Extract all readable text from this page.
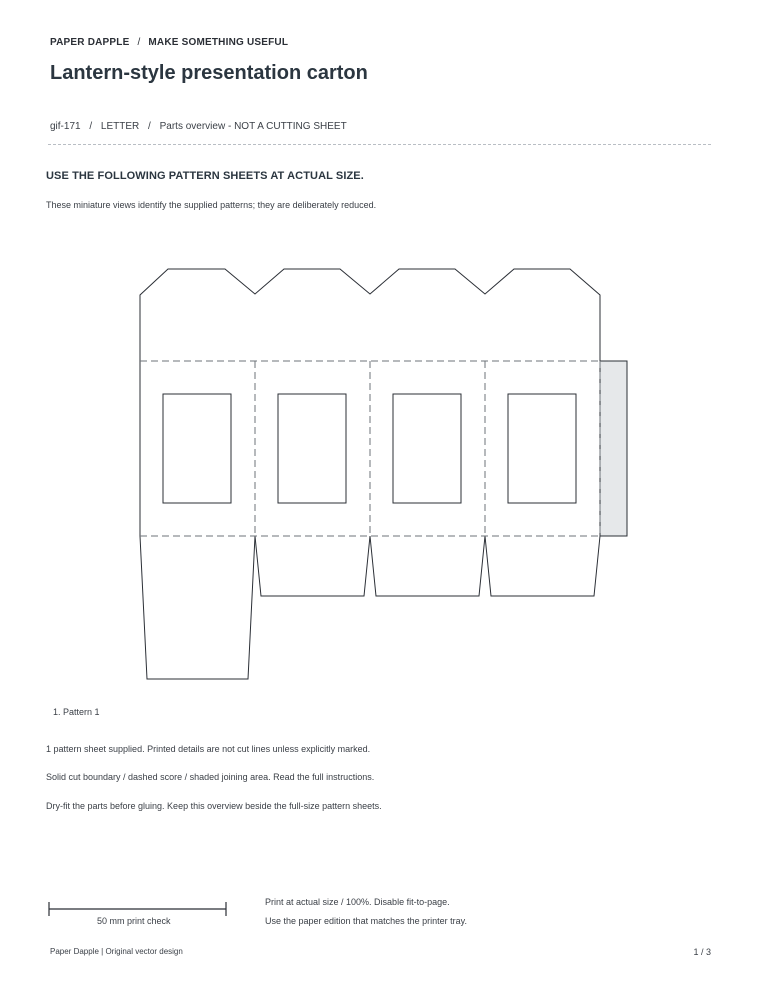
PAPER DAPPLE / MAKE SOMETHING USEFUL
Lantern-style presentation carton
gif-171 / LETTER / Parts overview - NOT A CUTTING SHEET
USE THE FOLLOWING PATTERN SHEETS AT ACTUAL SIZE.
These miniature views identify the supplied patterns; they are deliberately reduced.
1. Pattern 1
1 pattern sheet supplied. Printed details are not cut lines unless explicitly marked.
Solid cut boundary / dashed score / shaded joining area. Read the full instructions.
Dry-fit the parts before gluing. Keep this overview beside the full-size pattern sheets.
50 mm print check
Print at actual size / 100%. Disable fit-to-page.
Use the paper edition that matches the printer tray.
Paper Dapple | Original vector design	1 / 3
